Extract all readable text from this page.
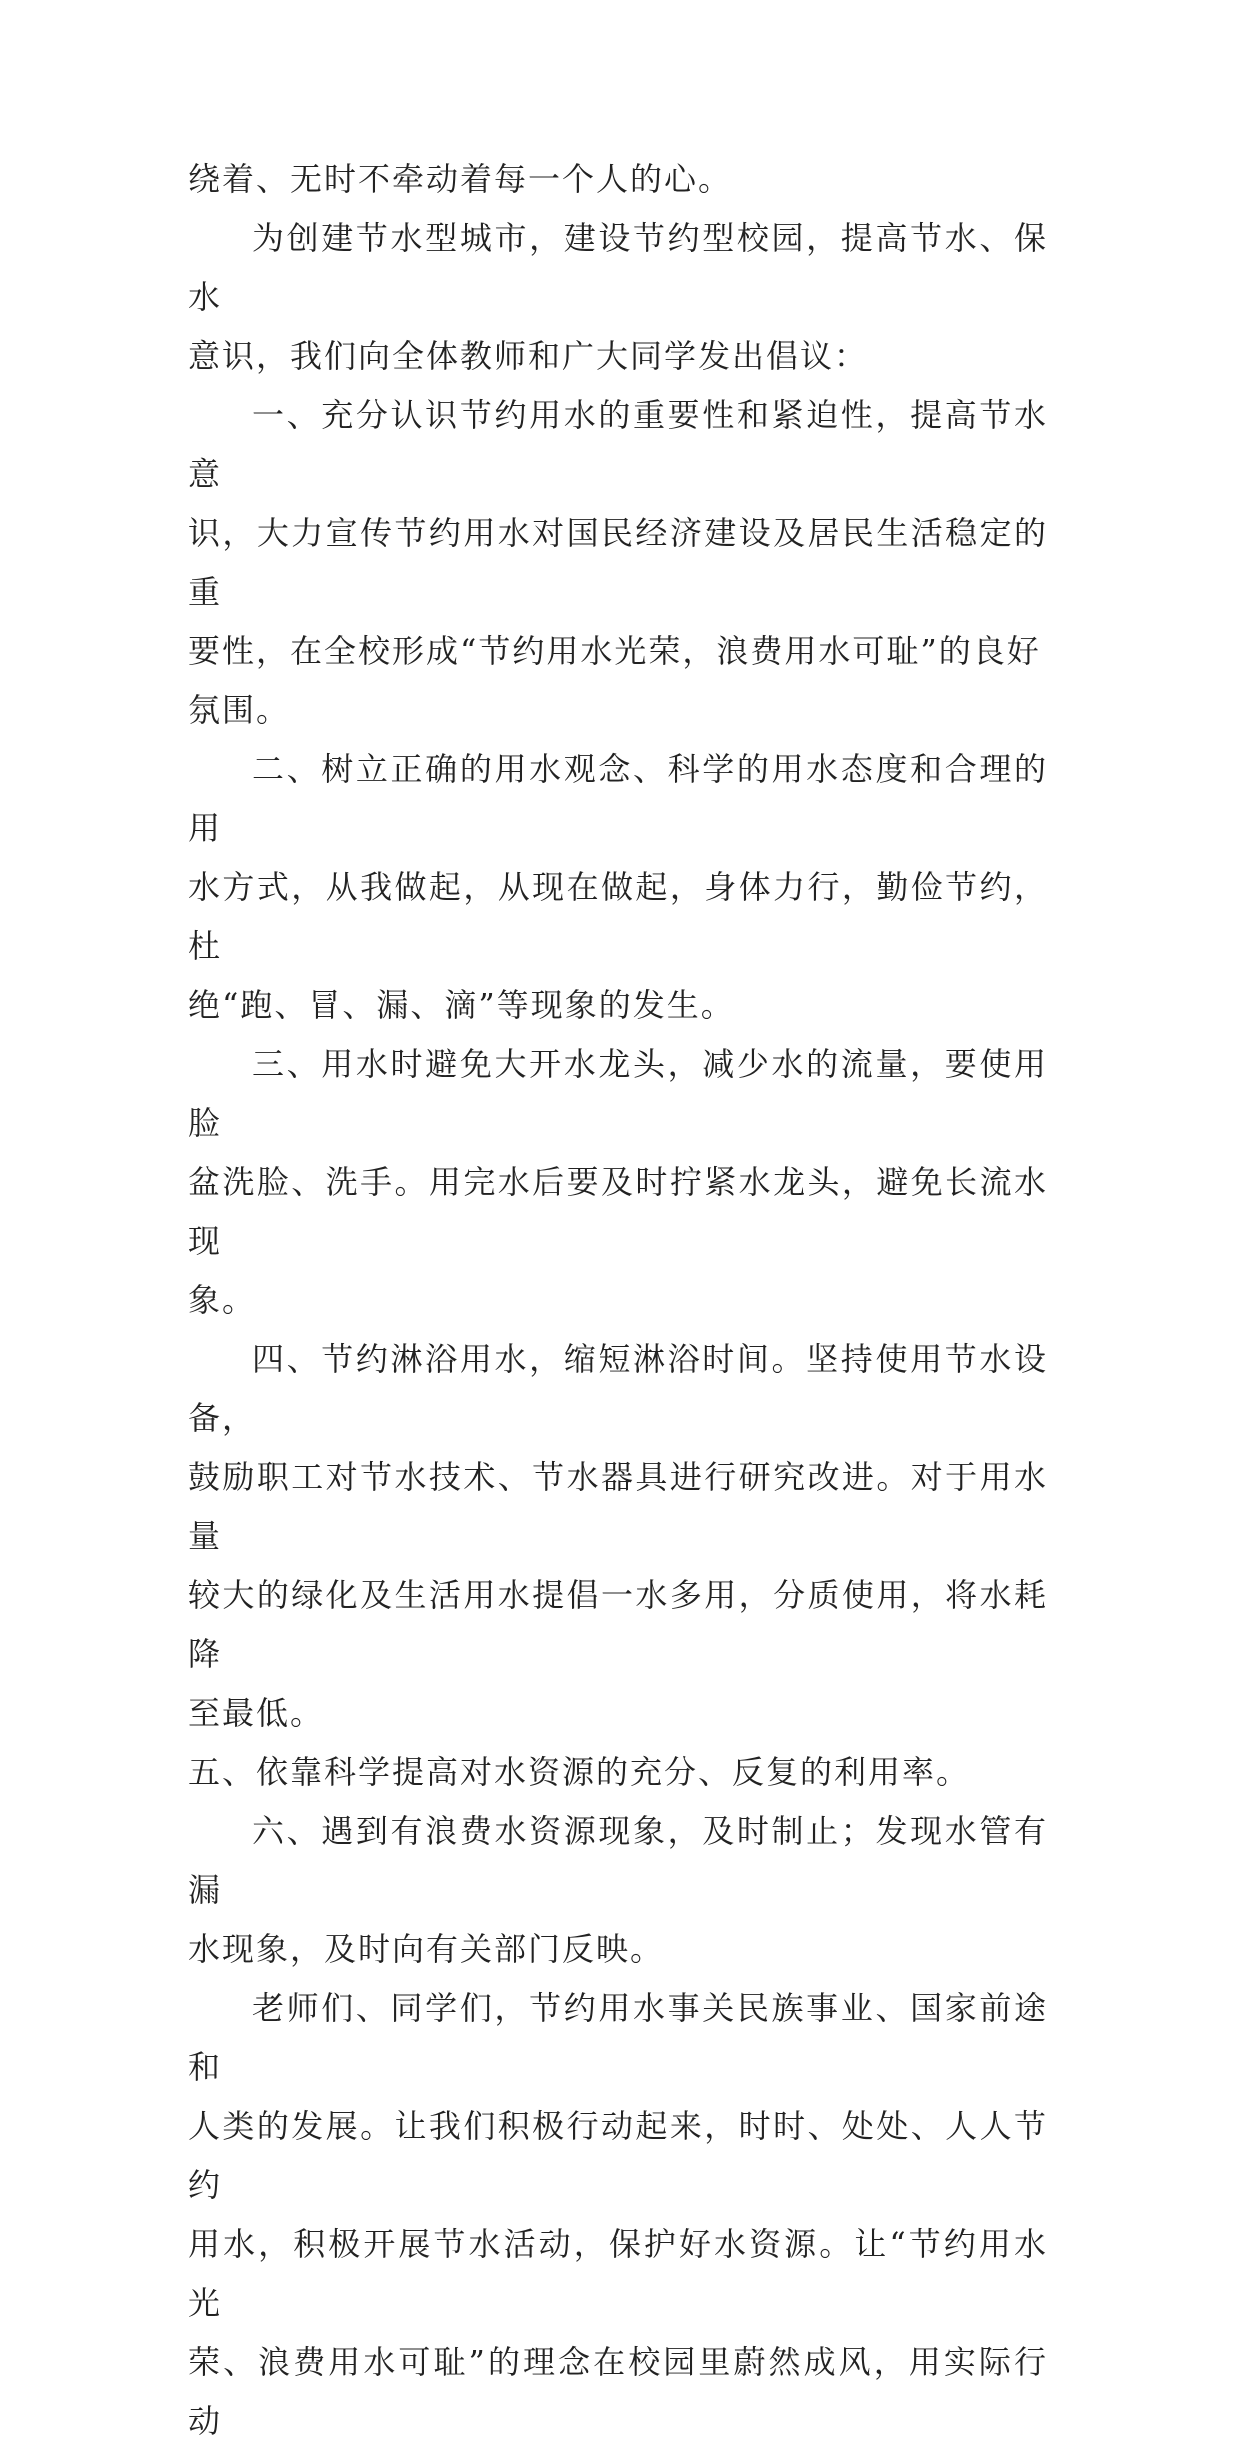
绕着、无时不牵动着每一个人的心。

为创建节水型城市，建设节约型校园，提高节水、保水
意识，我们向全体教师和广大同学发出倡议：

一、充分认识节约用水的重要性和紧迫性，提高节水意
识，大力宣传节约用水对国民经济建设及居民生活稳定的重
要性，在全校形成“节约用水光荣，浪费用水可耻”的良好
氛围。

二、树立正确的用水观念、科学的用水态度和合理的用
水方式，从我做起，从现在做起，身体力行，勤俭节约，杜
绝“跑、冒、漏、滴”等现象的发生。

三、用水时避免大开水龙头，减少水的流量，要使用脸
盆洗脸、洗手。用完水后要及时拧紧水龙头，避免长流水现
象。

四、节约淋浴用水，缩短淋浴时间。坚持使用节水设备，
鼓励职工对节水技术、节水器具进行研究改进。对于用水量
较大的绿化及生活用水提倡一水多用，分质使用，将水耗降
至最低。

五、依靠科学提高对水资源的充分、反复的利用率。

六、遇到有浪费水资源现象，及时制止；发现水管有漏
水现象，及时向有关部门反映。

老师们、同学们，节约用水事关民族事业、国家前途和
人类的发展。让我们积极行动起来，时时、处处、人人节约
用水，积极开展节水活动，保护好水资源。让“节约用水光
荣、浪费用水可耻”的理念在校园里蔚然成风，用实际行动
